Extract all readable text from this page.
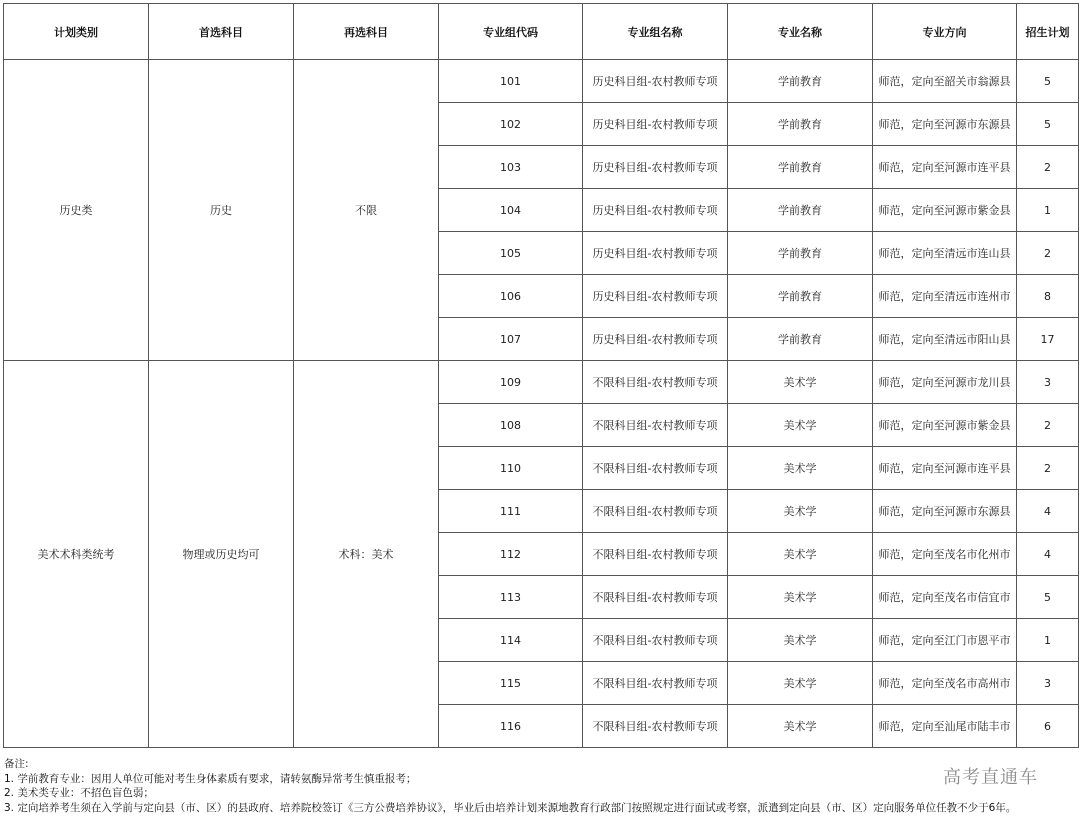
计划类别	首选科目	再选科目	专业组代码	专业组名称	专业名称	专业方向	招生计划
历史类	历史	不限	101	历史科目组-农村教师专项	学前教育	师范，定向至韶关市翁源县	5
			102	历史科目组-农村教师专项	学前教育	师范，定向至河源市东源县	5
			103	历史科目组-农村教师专项	学前教育	师范，定向至河源市连平县	2
			104	历史科目组-农村教师专项	学前教育	师范，定向至河源市紫金县	1
			105	历史科目组-农村教师专项	学前教育	师范，定向至清远市连山县	2
			106	历史科目组-农村教师专项	学前教育	师范，定向至清远市连州市	8
			107	历史科目组-农村教师专项	学前教育	师范，定向至清远市阳山县	17
美术术科类统考	物理或历史均可	术科：美术	109	不限科目组-农村教师专项	美术学	师范，定向至河源市龙川县	3
			108	不限科目组-农村教师专项	美术学	师范，定向至河源市紫金县	2
			110	不限科目组-农村教师专项	美术学	师范，定向至河源市连平县	2
			111	不限科目组-农村教师专项	美术学	师范，定向至河源市东源县	4
			112	不限科目组-农村教师专项	美术学	师范，定向至茂名市化州市	4
			113	不限科目组-农村教师专项	美术学	师范，定向至茂名市信宜市	5
			114	不限科目组-农村教师专项	美术学	师范，定向至江门市恩平市	1
			115	不限科目组-农村教师专项	美术学	师范，定向至茂名市高州市	3
			116	不限科目组-农村教师专项	美术学	师范，定向至汕尾市陆丰市	6
备注:
1. 学前教育专业：因用人单位可能对考生身体素质有要求，请转氨酶异常考生慎重报考；
2. 美术类专业：不招色盲色弱；
3. 定向培养考生须在入学前与定向县（市、区）的县政府、培养院校签订《三方公费培养协议》，毕业后由培养计划来源地教育行政部门按照规定进行面试或考察，派遣到定向县（市、区）定向服务单位任教不少于6年。
高考直通车
